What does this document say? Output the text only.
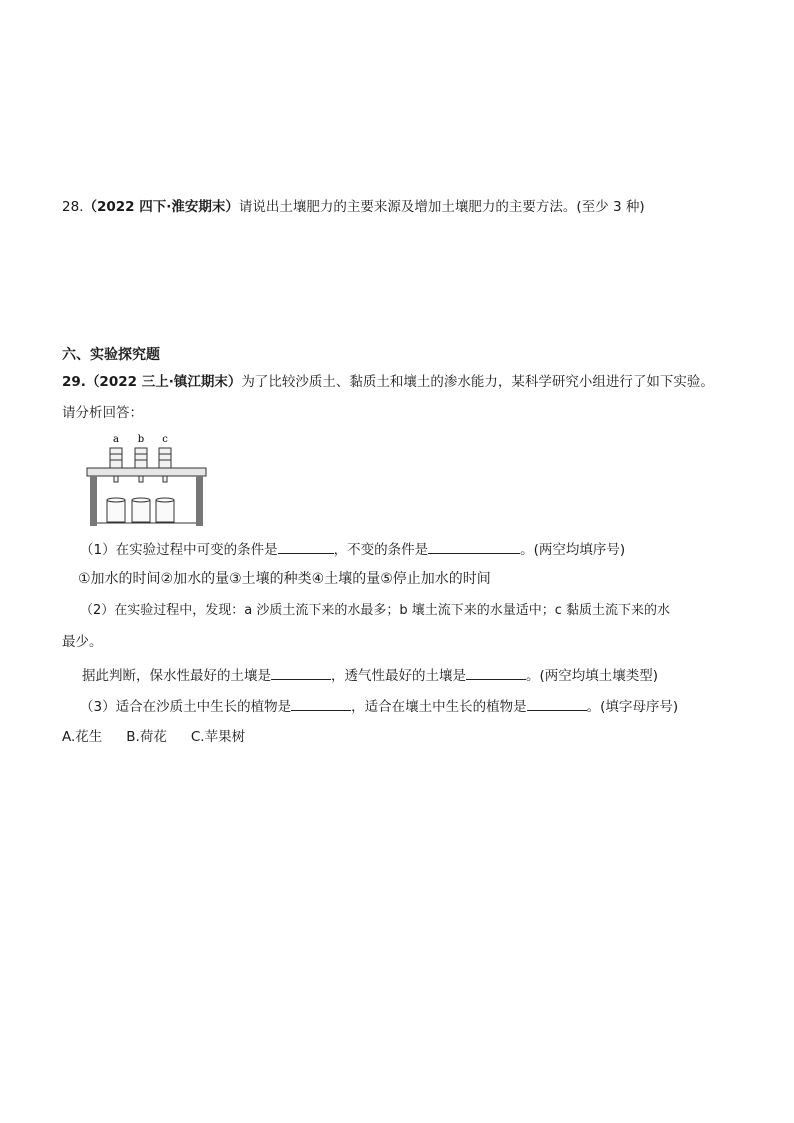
28.（2022 四下·淮安期末）请说出土壤肥力的主要来源及增加土壤肥力的主要方法。(至少 3 种)
六、实验探究题
29.（2022 三上·镇江期末）为了比较沙质土、黏质土和壤土的渗水能力，某科学研究小组进行了如下实验。
请分析回答：
a b c
（1）在实验过程中可变的条件是	，不变的条件是	。(两空均填序号)
①加水的时间②加水的量③土壤的种类④土壤的量⑤停止加水的时间
（2）在实验过程中，发现：a 沙质土流下来的水最多；b 壤土流下来的水量适中；c 黏质土流下来的水
最少。
据此判断，保水性最好的土壤是	，透气性最好的土壤是	。(两空均填土壤类型)
（3）适合在沙质土中生长的植物是	，适合在壤土中生长的植物是	。(填字母序号)
A.花生 B.荷花 C.苹果树
